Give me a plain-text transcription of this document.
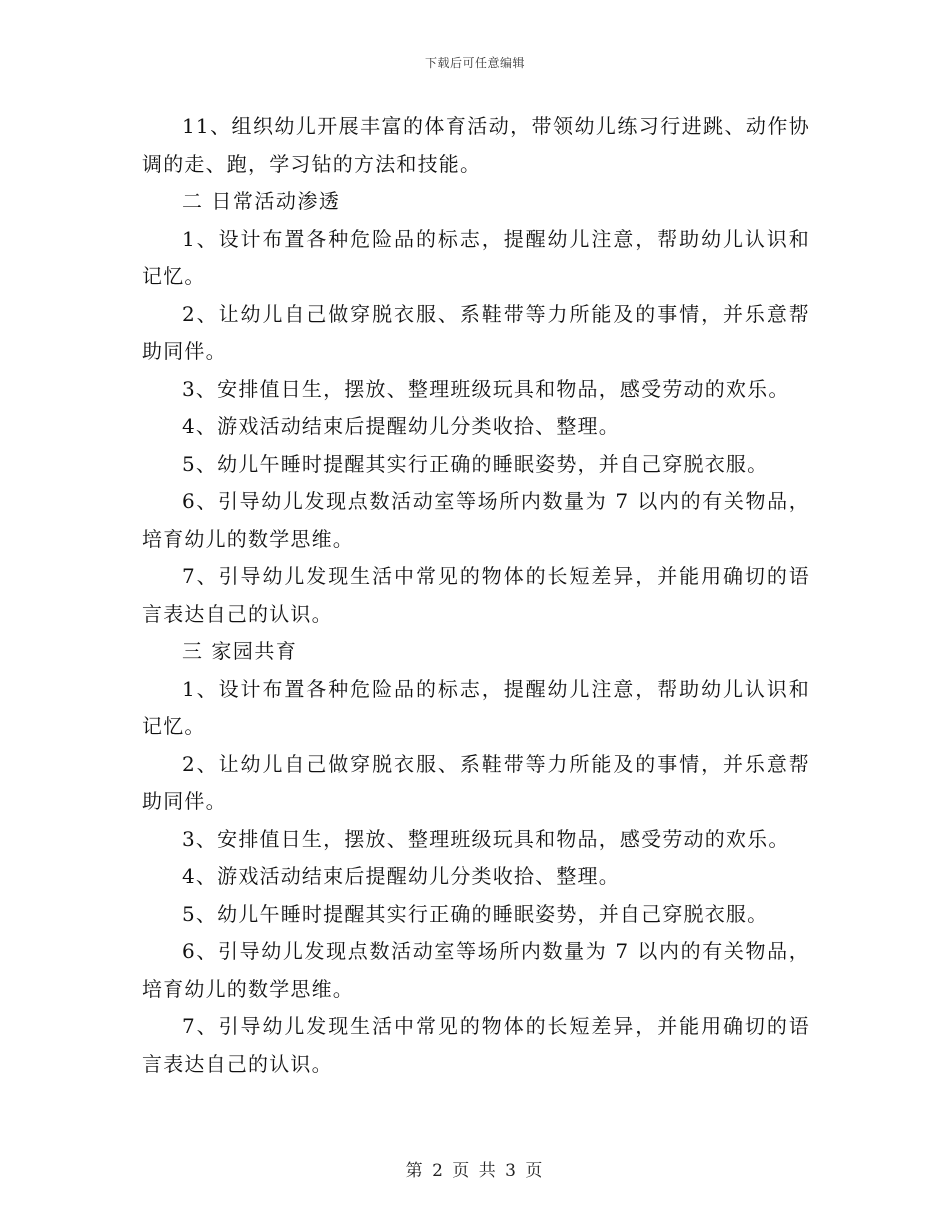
下载后可任意编辑

11、组织幼儿开展丰富的体育活动，带领幼儿练习行进跳、动作协调的走、跑，学习钻的方法和技能。

二 日常活动渗透

1、设计布置各种危险品的标志，提醒幼儿注意，帮助幼儿认识和记忆。

2、让幼儿自己做穿脱衣服、系鞋带等力所能及的事情，并乐意帮助同伴。

3、安排值日生，摆放、整理班级玩具和物品，感受劳动的欢乐。

4、游戏活动结束后提醒幼儿分类收拾、整理。

5、幼儿午睡时提醒其实行正确的睡眠姿势，并自己穿脱衣服。

6、引导幼儿发现点数活动室等场所内数量为 7 以内的有关物品，培育幼儿的数学思维。

7、引导幼儿发现生活中常见的物体的长短差异，并能用确切的语言表达自己的认识。

三 家园共育

1、设计布置各种危险品的标志，提醒幼儿注意，帮助幼儿认识和记忆。

2、让幼儿自己做穿脱衣服、系鞋带等力所能及的事情，并乐意帮助同伴。

3、安排值日生，摆放、整理班级玩具和物品，感受劳动的欢乐。

4、游戏活动结束后提醒幼儿分类收拾、整理。

5、幼儿午睡时提醒其实行正确的睡眠姿势，并自己穿脱衣服。

6、引导幼儿发现点数活动室等场所内数量为 7 以内的有关物品，培育幼儿的数学思维。

7、引导幼儿发现生活中常见的物体的长短差异，并能用确切的语言表达自己的认识。

第 2 页 共 3 页
